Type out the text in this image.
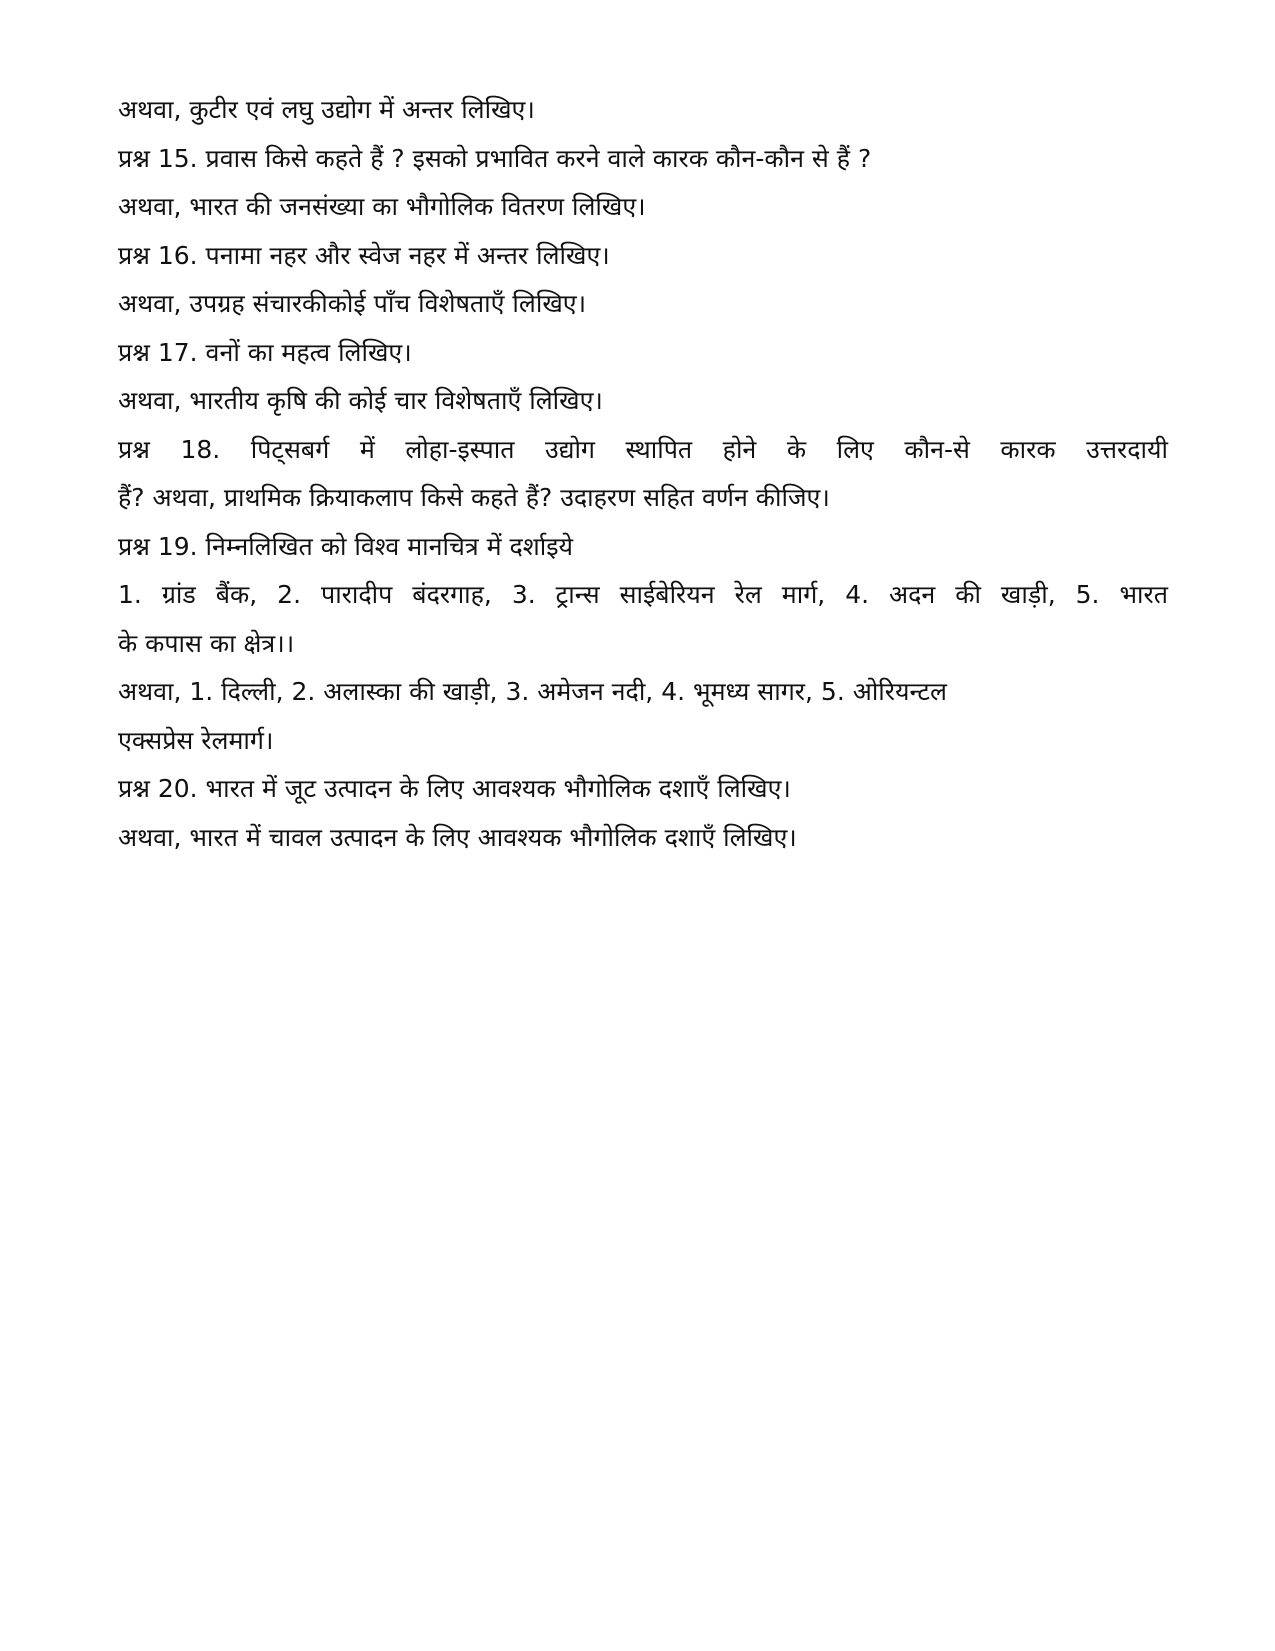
अथवा, कुटीर एवं लघु उद्योग में अन्तर लिखिए।

प्रश्न 15. प्रवास किसे कहते हैं ? इसको प्रभावित करने वाले कारक कौन-कौन से हैं ?

अथवा, भारत की जनसंख्या का भौगोलिक वितरण लिखिए।

प्रश्न 16. पनामा नहर और स्वेज नहर में अन्तर लिखिए।

अथवा, उपग्रह संचारकीकोई पाँच विशेषताएँ लिखिए।

प्रश्न 17. वनों का महत्व लिखिए।

अथवा, भारतीय कृषि की कोई चार विशेषताएँ लिखिए।

प्रश्न 18. पिट्सबर्ग में लोहा-इस्पात उद्योग स्थापित होने के लिए कौन-से कारक उत्तरदायी

हैं? अथवा, प्राथमिक क्रियाकलाप किसे कहते हैं? उदाहरण सहित वर्णन कीजिए।

प्रश्न 19. निम्नलिखित को विश्व मानचित्र में दर्शाइये

1. ग्रांड बैंक, 2. पारादीप बंदरगाह, 3. ट्रान्स साईबेरियन रेल मार्ग, 4. अदन की खाड़ी, 5. भारत

के कपास का क्षेत्र।।

अथवा, 1. दिल्ली, 2. अलास्का की खाड़ी, 3. अमेजन नदी, 4. भूमध्य सागर, 5. ओरियन्टल

एक्सप्रेस रेलमार्ग।

प्रश्न 20. भारत में जूट उत्पादन के लिए आवश्यक भौगोलिक दशाएँ लिखिए।

अथवा, भारत में चावल उत्पादन के लिए आवश्यक भौगोलिक दशाएँ लिखिए।
